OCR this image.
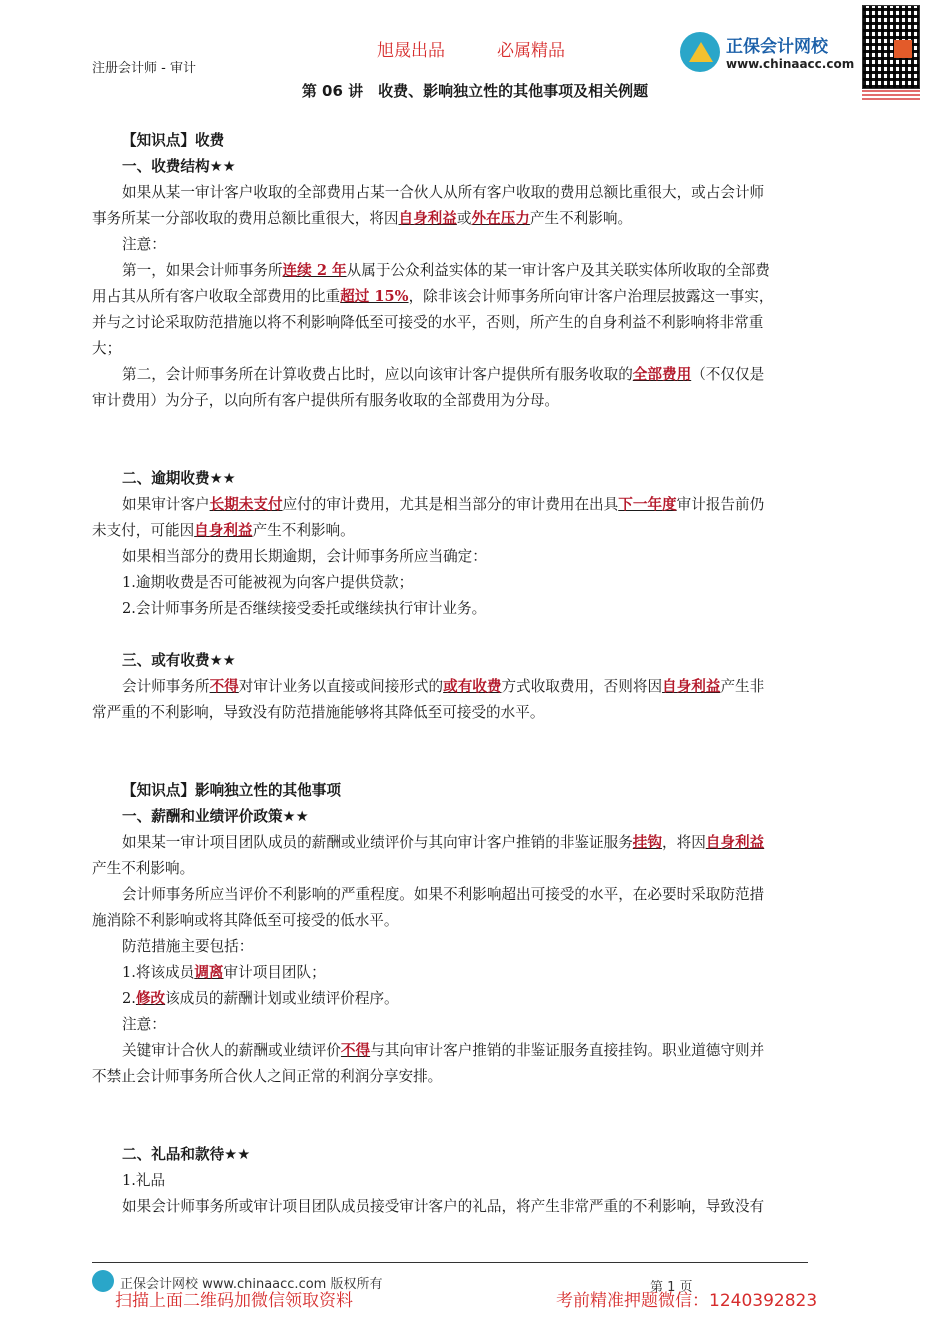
注册会计师 - 审计
旭晟出品	必属精品	正保会计网校
www.chinaacc.com
第 06 讲　收费、影响独立性的其他事项及相关例题
【知识点】收费
一、收费结构★★
如果从某一审计客户收取的全部费用占某一合伙人从所有客户收取的费用总额比重很大，或占会计师
事务所某一分部收取的费用总额比重很大，将因自身利益或外在压力产生不利影响。
注意：
第一，如果会计师事务所连续 2 年从属于公众利益实体的某一审计客户及其关联实体所收取的全部费
用占其从所有客户收取全部费用的比重超过 15%，除非该会计师事务所向审计客户治理层披露这一事实，
并与之讨论采取防范措施以将不利影响降低至可接受的水平，否则，所产生的自身利益不利影响将非常重
大；
第二，会计师事务所在计算收费占比时，应以向该审计客户提供所有服务收取的全部费用（不仅仅是
审计费用）为分子，以向所有客户提供所有服务收取的全部费用为分母。
二、逾期收费★★
如果审计客户长期未支付应付的审计费用，尤其是相当部分的审计费用在出具下一年度审计报告前仍
未支付，可能因自身利益产生不利影响。
如果相当部分的费用长期逾期，会计师事务所应当确定：
1.逾期收费是否可能被视为向客户提供贷款；
2.会计师事务所是否继续接受委托或继续执行审计业务。
三、或有收费★★
会计师事务所不得对审计业务以直接或间接形式的或有收费方式收取费用，否则将因自身利益产生非
常严重的不利影响，导致没有防范措施能够将其降低至可接受的水平。
【知识点】影响独立性的其他事项
一、薪酬和业绩评价政策★★
如果某一审计项目团队成员的薪酬或业绩评价与其向审计客户推销的非鉴证服务挂钩，将因自身利益
产生不利影响。
会计师事务所应当评价不利影响的严重程度。如果不利影响超出可接受的水平，在必要时采取防范措
施消除不利影响或将其降低至可接受的低水平。
防范措施主要包括：
1.将该成员调离审计项目团队；
2.修改该成员的薪酬计划或业绩评价程序。
注意：
关键审计合伙人的薪酬或业绩评价不得与其向审计客户推销的非鉴证服务直接挂钩。职业道德守则并
不禁止会计师事务所合伙人之间正常的利润分享安排。
二、礼品和款待★★
1.礼品
如果会计师事务所或审计项目团队成员接受审计客户的礼品，将产生非常严重的不利影响，导致没有
正保会计网校 www.chinaacc.com 版权所有	第 1 页
扫描上面二维码加微信领取资料	考前精准押题微信：1240392823
